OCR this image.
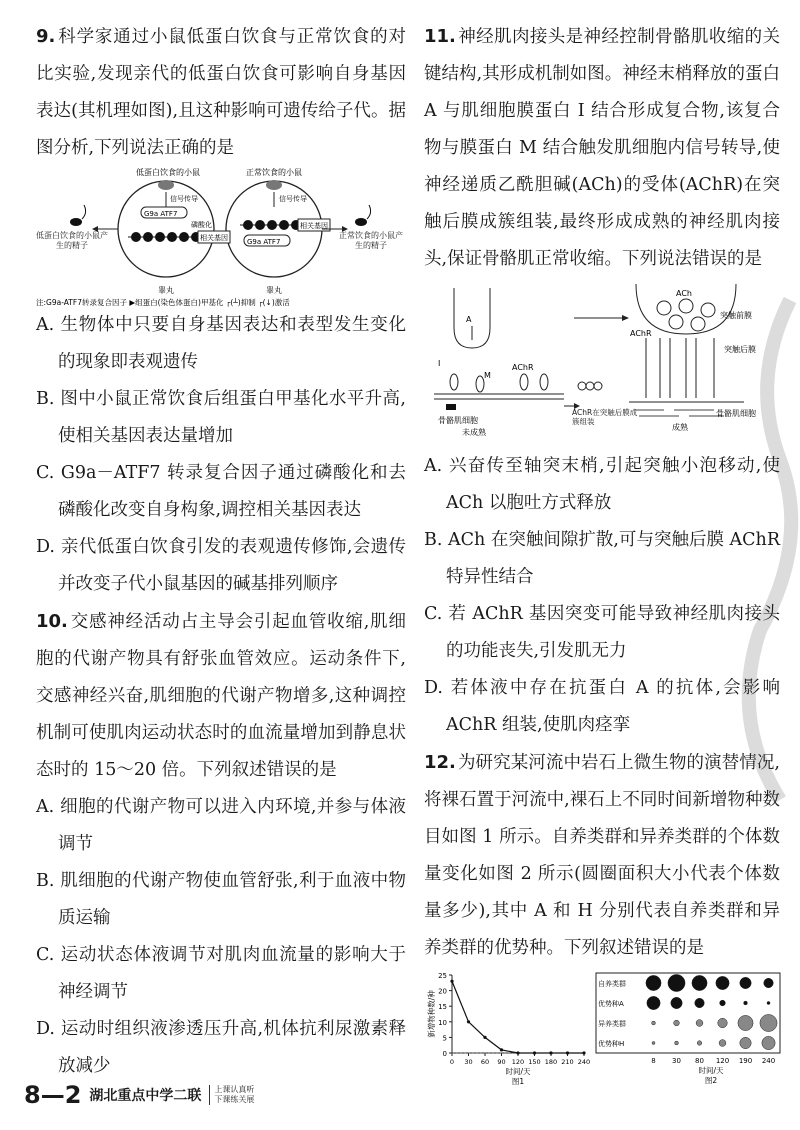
9. 科学家通过小鼠低蛋白饮食与正常饮食的对比实验,发现亲代的低蛋白饮食可影响自身基因表达(其机理如图),且这种影响可遗传给子代。据图分析,下列说法正确的是

低蛋白饮食的小鼠	正常饮食的小鼠
信号传导	信号传导
G9a ATF7
磷酸化
相关基因
相关基因
G9a ATF7
睾丸	睾丸
低蛋白饮食的小鼠产生的精子
正常饮食的小鼠产生的精子
注:G9a-ATF7转录复合因子 ▶组蛋白(染色体蛋白)甲基化 ┌(┴)抑制 ┌(↓)激活

A. 生物体中只要自身基因表达和表型发生变化的现象即表观遗传

B. 图中小鼠正常饮食后组蛋白甲基化水平升高,使相关基因表达量增加

C. G9a－ATF7 转录复合因子通过磷酸化和去磷酸化改变自身构象,调控相关基因表达

D. 亲代低蛋白饮食引发的表观遗传修饰,会遗传并改变子代小鼠基因的碱基排列顺序

10. 交感神经活动占主导会引起血管收缩,肌细胞的代谢产物具有舒张血管效应。运动条件下,交感神经兴奋,肌细胞的代谢产物增多,这种调控机制可使肌肉运动状态时的血流量增加到静息状态时的 15～20 倍。下列叙述错误的是

A. 细胞的代谢产物可以进入内环境,并参与体液调节

B. 肌细胞的代谢产物使血管舒张,利于血液中物质运输

C. 运动状态体液调节对肌肉血流量的影响大于神经调节

D. 运动时组织液渗透压升高,机体抗利尿激素释放减少

11. 神经肌肉接头是神经控制骨骼肌收缩的关键结构,其形成机制如图。神经末梢释放的蛋白 A 与肌细胞膜蛋白 I 结合形成复合物,该复合物与膜蛋白 M 结合触发肌细胞内信号转导,使神经递质乙酰胆碱(ACh)的受体(AChR)在突触后膜成簇组装,最终形成成熟的神经肌肉接头,保证骨骼肌正常收缩。下列说法错误的是

A
I
M
AChR
骨骼肌细胞
未成熟
AChR在突触后膜成簇组装
ACh
突触前膜
AChR
突触后膜
骨骼肌细胞
成熟

A. 兴奋传至轴突末梢,引起突触小泡移动,使 ACh 以胞吐方式释放

B. ACh 在突触间隙扩散,可与突触后膜 AChR 特异性结合

C. 若 AChR 基因突变可能导致神经肌肉接头的功能丧失,引发肌无力

D. 若体液中存在抗蛋白 A 的抗体,会影响 AChR 组装,使肌肉痉挛

12. 为研究某河流中岩石上微生物的演替情况,将裸石置于河流中,裸石上不同时间新增物种数目如图 1 所示。自养类群和异养类群的个体数量变化如图 2 所示(圆圈面积大小代表个体数量多少),其中 A 和 H 分别代表自养类群和异养类群的优势种。下列叙述错误的是

0
5
10
15
20
25
0 30 60 90 120 150 180 210 240
新增物种数/种
时间/天
图1
自养类群
优势种A
异养类群
优势种H
8 30 80 120 190 240
时间/天
图2
8—2 湖北重点中学二联	上课认真听
下课练关展
